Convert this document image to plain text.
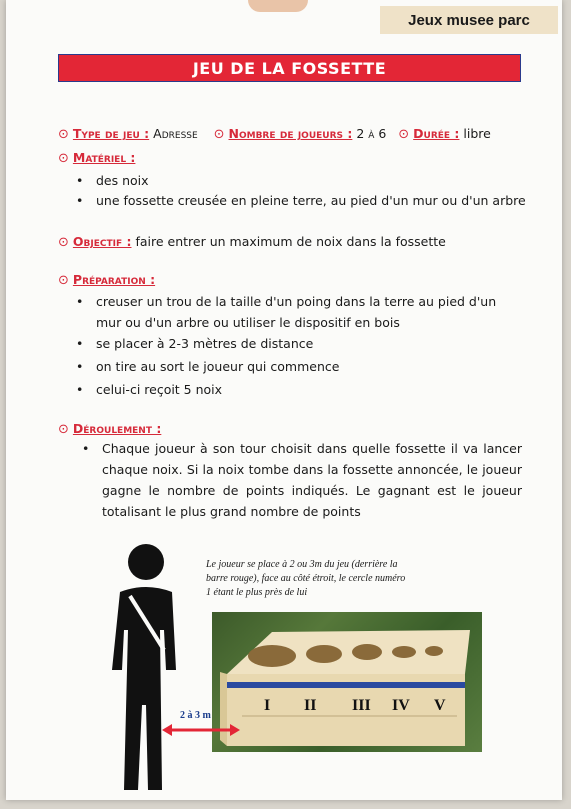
Jeux musee parc
JEU DE LA FOSSETTE
⊙ Type de jeu : Adresse ⊙ Nombre de joueurs : 2 à 6 ⊙ Durée : libre
⊙ Matériel :
• des noix
• une fossette creusée en pleine terre, au pied d'un mur ou d'un arbre
⊙ Objectif : faire entrer un maximum de noix dans la fossette
⊙ Préparation :
• creuser un trou de la taille d'un poing dans la terre au pied d'un mur ou d'un arbre ou utiliser le dispositif en bois
• se placer à 2-3 mètres de distance
• on tire au sort le joueur qui commence
• celui-ci reçoit 5 noix
⊙ Déroulement :
• Chaque joueur à son tour choisit dans quelle fossette il va lancer chaque noix. Si la noix tombe dans la fossette annoncée, le joueur gagne le nombre de points indiqués. Le gagnant est le joueur totalisant le plus grand nombre de points
Le joueur se place à 2 ou 3m du jeu (derrière la barre rouge), face au côté étroit, le cercle numéro 1 étant le plus près de lui
I II III IV V
2 à 3 m
